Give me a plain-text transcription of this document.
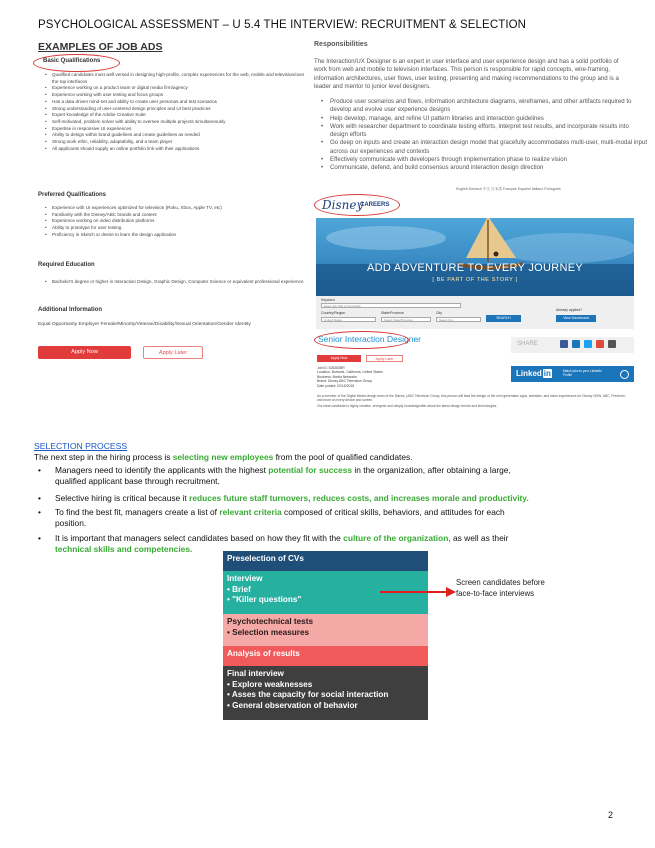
PSYCHOLOGICAL ASSESSMENT – U 5.4 THE INTERVIEW: RECRUITMENT & SELECTION
EXAMPLES OF JOB ADS
Basic Qualifications
• Qualified candidates must well versed in designing high-profile, complex experiences for the web, mobile and television/over the top interfaces
• Experience working on a product team or digital media firm/agency
• Experience working with user testing and focus groups
• Has a data driven mind-set and ability to create user personas and test scenarios
• Strong understanding of user-centered design principles and UI best practices
• Expert knowledge of the Adobe Creative Suite
• Self-motivated, problem solver with ability to oversee multiple projects simultaneously
• Expertise in responsive UI experiences
• Ability to design within brand guidelines and create guidelines as needed
• Strong work ethic, reliability, adaptability, and a team player
• All applicants should supply an online portfolio link with their applications
Preferred Qualifications
• Experience with UI experiences optimized for television (Roku, Xbox, Apple TV, etc)
• Familiarity with the Disney/ABC brands and content
• Experience working on video distribution platforms
• Ability to prototype for user testing
• Proficiency in Sketch or desire to learn the design application
Required Education
• Bachelor's degree or higher in Interaction Design, Graphic Design, Computer Science or equivalent professional experience
Additional Information
Equal Opportunity Employer Female/Minority/Veteran/Disability/Sexual Orientation/Gender Identity
Apply Now	Apply Later
Responsibilities
The Interaction/UX Designer is an expert in user interface and user experience design and has a solid portfolio of work from web and mobile to television interfaces. This person is responsible for rapid concepts, wire-framing, information architectures, user flows, user testing, presenting and making recommendations to the group and is a leader and mentor to junior level designers.
• Produce user scenarios and flows, information architecture diagrams, wireframes, and other artifacts required to develop and evolve user experience designs
• Help develop, manage, and refine UI pattern libraries and interaction guidelines
• Work with researcher department to coordinate testing efforts, interpret test results, and incorporate results into design efforts
• Go deep on inputs and create an interaction design model that gracefully accommodates multi-user, multi-modal input across our experiences and contexts
• Effectively communicate with developers through implementation phase to realize vision
• Communicate, defend, and build consensus around interaction design direction
English Deutsch 中文 日本語 Français Español Italiano Português
Disney
CAREERS
ADD ADVENTURE TO EVERY JOURNEY
[ BE PART OF THE STORY ]
Keyword
Enter Job Title or Keywords
Country/Region
United States
State/Province
Select State/Province
City
Select City	SEARCH
Already applied?
View Dashboard
Senior Interaction Designer	SHARE
Apply Now	Apply Later
Job ID: 526283BR
Location: Burbank, California, United States
Business: Media Networks
Brand: Disney ABC Television Group
Date posted: 02/15/2018
As a member of the Digital Media design team of the Disney | ABC Television Group, this person will lead the design of the next generation apps, websites, and video experiences for Disney NOW, ABC, Freeform, and more on every device and screen.
Our ideal candidate is highly creative, energetic and deeply knowledgeable about the latest design trends and technologies.
Linked in	Match jobs to your LinkedIn Profile
SELECTION PROCESS
The next step in the hiring process is selecting new employees from the pool of qualified candidates.
• Managers need to identify the applicants with the highest potential for success in the organization, after obtaining a large,
qualified applicant base through recruitment.
• Selective hiring is critical because it reduces future staff turnovers, reduces costs, and increases morale and productivity.
• To find the best fit, managers create a list of relevant criteria composed of critical skills, behaviors, and attitudes for each
position.
• It is important that managers select candidates based on how they fit with the culture of the organization, as well as their
technical skills and competencies.
Preselection of CVs
Interview
• Brief
• "Killer questions"
Psychotechnical tests
• Selection measures
Analysis of results
Final interview
• Explore weaknesses
• Asses the capacity for social interaction
• General observation of behavior
Screen candidates before
face-to-face interviews
2
